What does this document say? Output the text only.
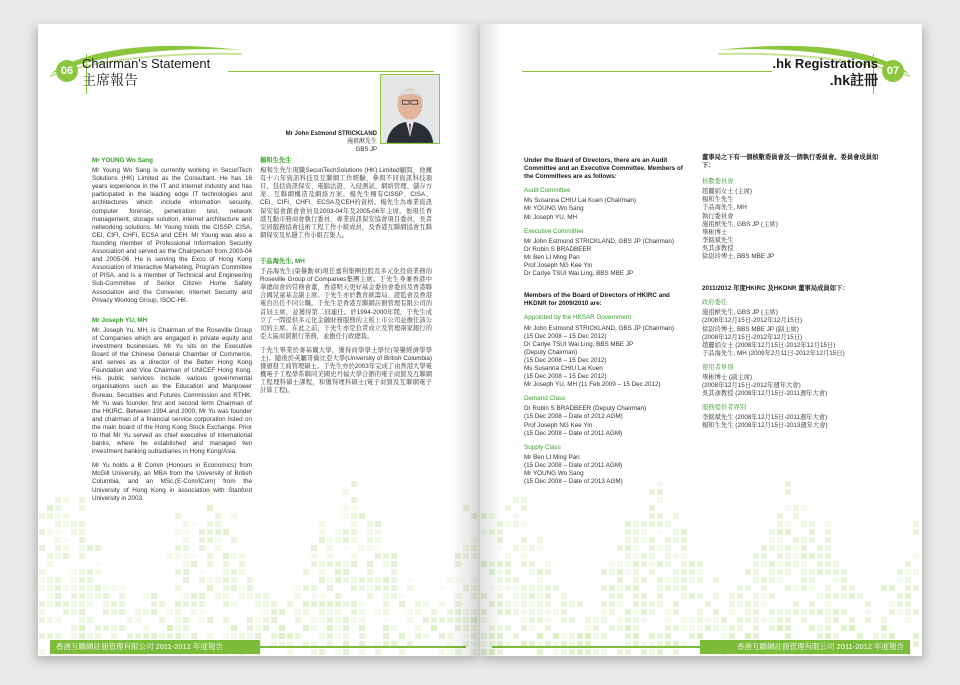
06 Chairman's Statement
主席報告
Mr John Estmond STRICKLAND
施祖猷先生
GBS JP
Mr YOUNG Wo Sang

Mr Young Wo Sang is currently working in SecuriTech Solutions (HK) Limited as the Consultant. He has 16 years experience in the IT and Internet industry and has participated in the leading edge IT technologies and architectures which include information security, computer forensic, penetration test, network management, storage solution, internet architecture and networking solutions. Mr Young holds the CISSP, CISA, CEI, CIFI, CHFI, ECSA and CEH. Mr Young was also a founding member of Professional Information Security Association and served as the Chairperson from 2003-04 and 2005-06. He is serving the Exco of Hong Kong Association of Interactive Marketing, Program Committee of PISA, and is a member of Technical and Engineering Sub-Committee of Senior Citizen Home Safety Association and the Convener, Internet Security and Privacy Working Group, ISOC-HK.

Mr Joseph YU, MH

Mr. Joseph Yu, MH, is Chairman of the Roseville Group of Companies which are engaged in private equity and investment businesses. Mr Yu sits on the Executive Board of the Chinese General Chamber of Commerce, and serves as a director of the Better Hong Kong Foundation and Vice Chairman of UNICEF Hong Kong. His public services include various governmental organisations such as the Education and Manpower Bureau, Securities and Futures Commission and RTHK. Mr Yu was founder, first and second term Chairman of the HKIRC. Between 1994 and 2000, Mr Yu was founder and chairman of a financial service corporation listed on the main board of the Hong Kong Stock Exchange. Prior to that Mr Yu served as chief executive of international banks, where he established and managed two investment banking subsidiaries in Hong Kong/Asia.

Mr Yu holds a B Comm (Honours in Economics) from McGill University, an MBA from the University of British Columbia, and an MSc.(E-Com/ICom) from the University of Hong Kong in association with Stanford University in 2003.

楊和生先生

楊和生先生現職SecuriTechSolutions (HK) Limited顧問，他擁有十六年資訊科技及互聯網工作經驗，參與不同資訊科技項目，包括資訊保安、電腦法證、入侵測試、網絡管理、儲存方案、互聯網構造及網絡方案。楊先生擁有CISSP、CISA、CEI、CIFI、CHFI、ECSA及CEH的資格。楊先生為專業資訊保安協會創會會員及2003-04年及2005-06年主席。他現任香港互動市務商會執行委員、專業資訊保安協會項目委員，長者安居服務協會技術工程工作小組成員，及香港互聯網協會互聯網保安及私隱工作小組召集人。

于品海先生, MH

于品海先生(榮譽勳章)現任嘉利集團控股及多元化投資業務的Roseville Group of Companies集團主席。于先生身兼香港中華總商會的常務會董，香港明天更好基金委員會委員及香港聯合國兒童基金副主席。于先生亦於教育統籌局、證監會及香港電台出任不同公職。于先生是香港互聯網註冊管理有限公司的首屆主席，並獲得第二屆連任。於1994-2000年間，于先生成立了一間提供多元化金融財務服務的主板上市公司並擔任該公司的主席。在此之前，于先生亦是負責成立及管理兩家銀行的亞太區商貿銀行業務，並擔任行政總裁。

于先生畢業於麥基爾大學，獲得商學學士學位(榮譽經濟學學士)。隨後於英屬哥倫比亞大學(University of British Columbia)獲頒發工商管理碩士。于先生亦於2003年完成了由香港大學電機電子工程學系聯同美國史丹福大學合辦的電子商貿及互聯網工程理科碩士課程，和獲得理科碩士(電子商貿及互聯網電子計算工程)。

香港互聯網註冊管理有限公司 2011-2012 年度報告
07
.hk Registrations
.hk註冊
Under the Board of Directors, there are an Audit Committee and an Executive Committee. Members of the Committees are as follows:
Audit Committee
Ms Susanna CHIU Lai Kuen (Chairman)
Mr YOUNG Wo Sang
Mr Joseph YU, MH
Executive Committee
Mr John Estmond STRICKLAND, GBS JP (Chairman)
Dr Robin S BRADBEER
Mr Ben LI Ming Pan
Prof Joseph NG Kee Yin
Dr Carlye TSUI Wai Ling, BBS MBE JP
Members of the Board of Directors of HKIRC and HKDNR for 2009/2010 are:
Appointed by the HKSAR Government
Mr John Estmond STRICKLAND, GBS JP (Chairman)
(15 Dec 2008 – 15 Dec 2012)
Dr Carlye TSUI Wai Ling, BBS MBE JP
(Deputy Chairman)
(15 Dec 2008 – 15 Dec 2012)
Ms Susanna CHIU Lai Kuen
(15 Dec 2008 – 15 Dec 2012)
Mr Joseph YU, MH (11 Feb 2009 – 15 Dec 2012)
Demand Class
Dr Robin S BRADBEER (Deputy Chairman)
(15 Dec 2008 – Date of 2012 AGM)
Prof Joseph NG Kee Yin
(15 Dec 2008 – Date of 2011 AGM)
Supply Class
Mr Ben LI Ming Pan
(15 Dec 2008 – Date of 2011 AGM)
Mr YOUNG Wo Sang
(15 Dec 2008 – Date of 2013 AGM)
董事局之下有一個核數委員會及一個執行委員會。委員會成員如下：
核數委員會
趙麗娟女士 (主席)
楊和生先生
于品海先生, MH
執行委員會
施祖猷先生, GBS JP (主席)
畢彬博士
李銘斌先生
吳其彥教授
徐尉玲博士, BBS MBE JP
2011/2012 年度HKIRC 及HKDNR 董事局成員如下：
政府委任
施祖猷先生, GBS JP (主席)
(2008年12月15日-2012年12月15日)
徐尉玲博士, BBS MBE JP (副主席)
(2008年12月15日-2012年12月15日)
趙麗娟女士 (2008年12月15日-2012年12月15日)
于品海先生, MH (2009年2月11日-2012年12月15日)
使用者界別
畢彬博士 (副主席)
(2008年12月15日-2012年週年大會)
吳其彥教授 (2008年12月15日-2011週年大會)
服務提供者界別
李銘斌先生 (2008年12月15日-2011週年大會)
楊和生先生 (2008年12月15日-2013週年大會)
香港互聯網註冊管理有限公司 2011-2012 年度報告
